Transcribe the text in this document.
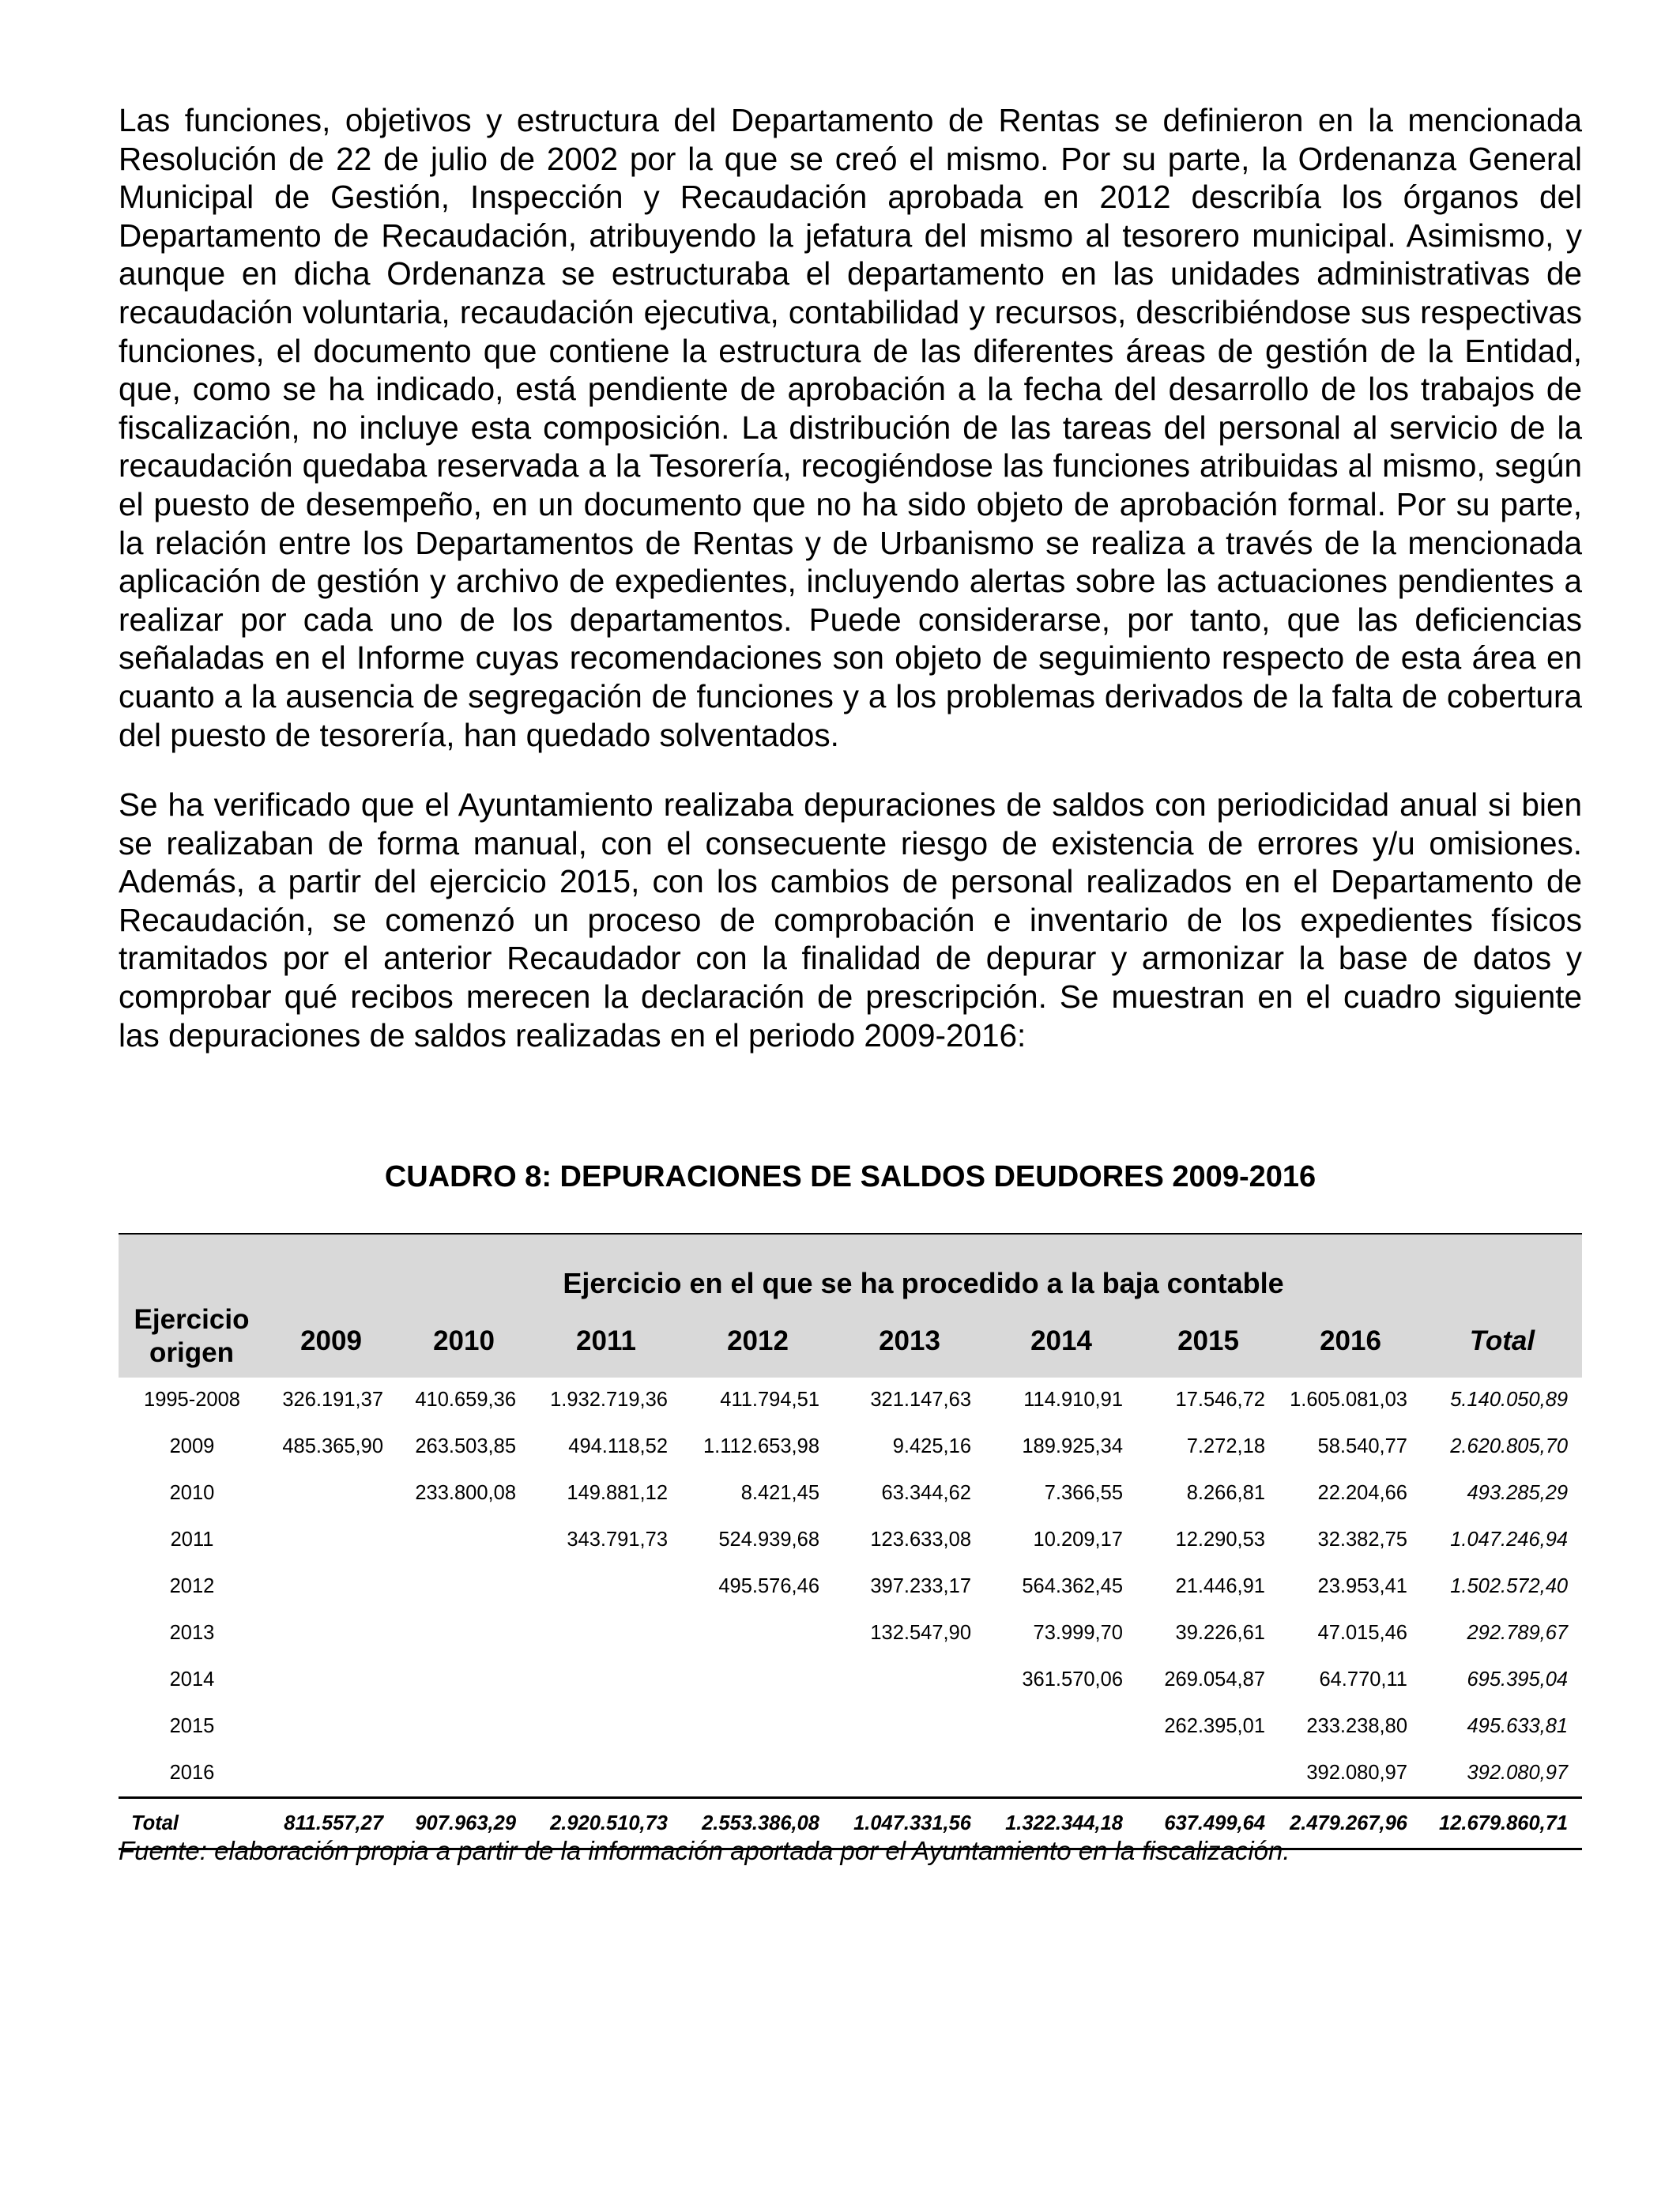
Las funciones, objetivos y estructura del Departamento de Rentas se definieron en la mencionada Resolución de 22 de julio de 2002 por la que se creó el mismo. Por su parte, la Ordenanza General Municipal de Gestión, Inspección y Recaudación aprobada en 2012 describía los órganos del Departamento de Recaudación, atribuyendo la jefatura del mismo al tesorero municipal. Asimismo, y aunque en dicha Ordenanza se estructuraba el departamento en las unidades administrativas de recaudación voluntaria, recaudación ejecutiva, contabilidad y recursos, describiéndose sus respectivas funciones, el documento que contiene la estructura de las diferentes áreas de gestión de la Entidad, que, como se ha indicado, está pendiente de aprobación a la fecha del desarrollo de los trabajos de fiscalización, no incluye esta composición. La distribución de las tareas del personal al servicio de la recaudación quedaba reservada a la Tesorería, recogiéndose las funciones atribuidas al mismo, según el puesto de desempeño, en un documento que no ha sido objeto de aprobación formal. Por su parte, la relación entre los Departamentos de Rentas y de Urbanismo se realiza a través de la mencionada aplicación de gestión y archivo de expedientes, incluyendo alertas sobre las actuaciones pendientes a realizar por cada uno de los departamentos. Puede considerarse, por tanto, que las deficiencias señaladas en el Informe cuyas recomendaciones son objeto de seguimiento respecto de esta área en cuanto a la ausencia de segregación de funciones y a los problemas derivados de la falta de cobertura del puesto de tesorería, han quedado solventados.

Se ha verificado que el Ayuntamiento realizaba depuraciones de saldos con periodicidad anual si bien se realizaban de forma manual, con el consecuente riesgo de existencia de errores y/u omisiones. Además, a partir del ejercicio 2015, con los cambios de personal realizados en el Departamento de Recaudación, se comenzó un proceso de comprobación e inventario de los expedientes físicos tramitados por el anterior Recaudador con la finalidad de depurar y armonizar la base de datos y comprobar qué recibos merecen la declaración de prescripción. Se muestran en el cuadro siguiente las depuraciones de saldos realizadas en el periodo 2009-2016:

CUADRO 8: DEPURACIONES DE SALDOS DEUDORES 2009-2016
Ejercicio
origen	Ejercicio en el que se ha procedido a la baja contable								
	2009	2010	2011	2012	2013	2014	2015	2016	Total
1995-2008	326.191,37	410.659,36	1.932.719,36	411.794,51	321.147,63	114.910,91	17.546,72	1.605.081,03	5.140.050,89
2009	485.365,90	263.503,85	494.118,52	1.112.653,98	9.425,16	189.925,34	7.272,18	58.540,77	2.620.805,70
2010		233.800,08	149.881,12	8.421,45	63.344,62	7.366,55	8.266,81	22.204,66	493.285,29
2011			343.791,73	524.939,68	123.633,08	10.209,17	12.290,53	32.382,75	1.047.246,94
2012				495.576,46	397.233,17	564.362,45	21.446,91	23.953,41	1.502.572,40
2013					132.547,90	73.999,70	39.226,61	47.015,46	292.789,67
2014						361.570,06	269.054,87	64.770,11	695.395,04
2015							262.395,01	233.238,80	495.633,81
2016								392.080,97	392.080,97
Total	811.557,27	907.963,29	2.920.510,73	2.553.386,08	1.047.331,56	1.322.344,18	637.499,64	2.479.267,96	12.679.860,71
Fuente: elaboración propia a partir de la información aportada por el Ayuntamiento en la fiscalización.
